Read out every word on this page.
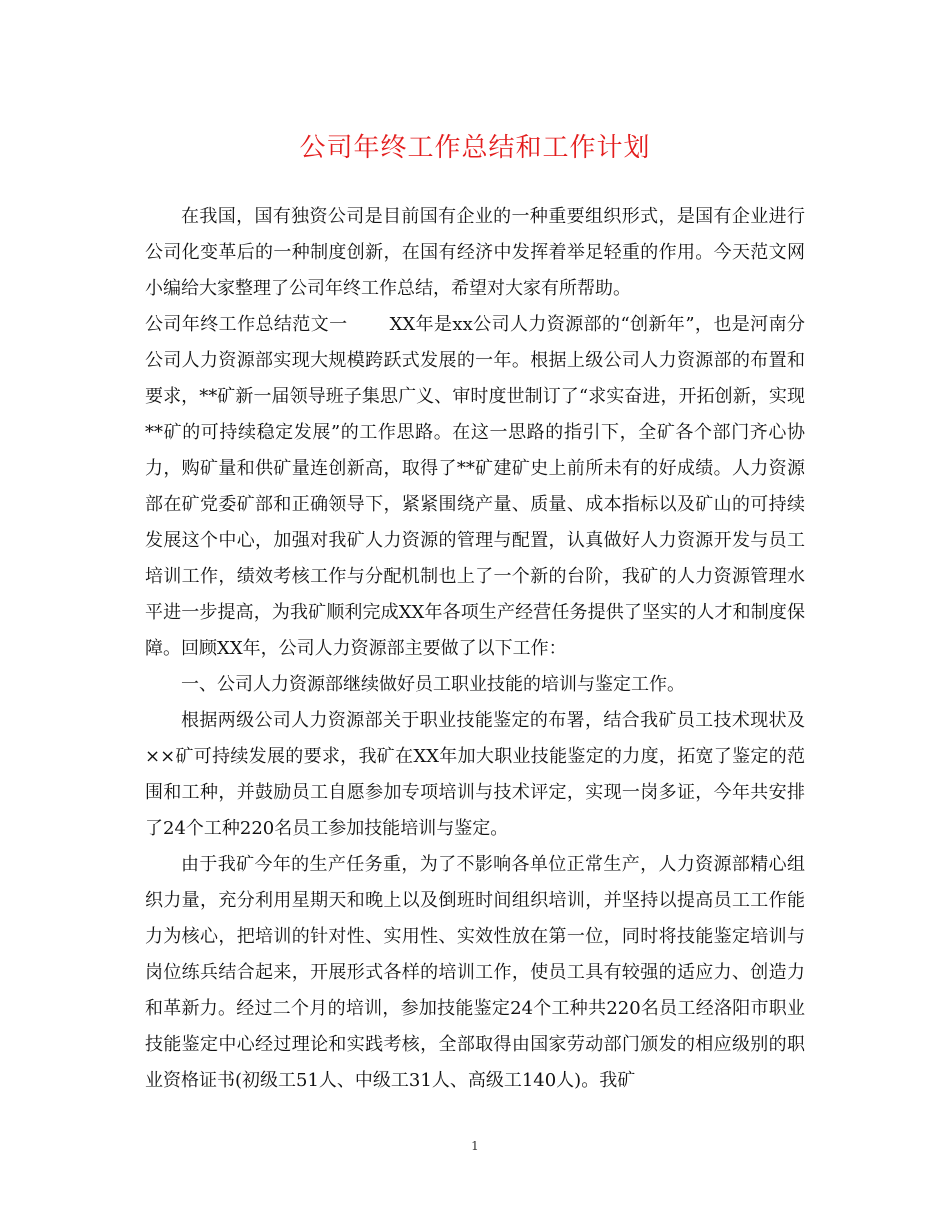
公司年终工作总结和工作计划

在我国，国有独资公司是目前国有企业的一种重要组织形式，是国有企业进行公司化变革后的一种制度创新，在国有经济中发挥着举足轻重的作用。今天范文网小编给大家整理了公司年终工作总结，希望对大家有所帮助。

公司年终工作总结范文一 XX年是xx公司人力资源部的“创新年”，也是河南分公司人力资源部实现大规模跨跃式发展的一年。根据上级公司人力资源部的布置和要求，**矿新一届领导班子集思广义、审时度世制订了“求实奋进，开拓创新，实现**矿的可持续稳定发展”的工作思路。在这一思路的指引下，全矿各个部门齐心协力，购矿量和供矿量连创新高，取得了**矿建矿史上前所未有的好成绩。人力资源部在矿党委矿部和正确领导下，紧紧围绕产量、质量、成本指标以及矿山的可持续发展这个中心，加强对我矿人力资源的管理与配置，认真做好人力资源开发与员工培训工作，绩效考核工作与分配机制也上了一个新的台阶，我矿的人力资源管理水平进一步提高，为我矿顺利完成XX年各项生产经营任务提供了坚实的人才和制度保障。回顾XX年，公司人力资源部主要做了以下工作：

一、公司人力资源部继续做好员工职业技能的培训与鉴定工作。

根据两级公司人力资源部关于职业技能鉴定的布署，结合我矿员工技术现状及××矿可持续发展的要求，我矿在XX年加大职业技能鉴定的力度，拓宽了鉴定的范围和工种，并鼓励员工自愿参加专项培训与技术评定，实现一岗多证，今年共安排了24个工种220名员工参加技能培训与鉴定。

由于我矿今年的生产任务重，为了不影响各单位正常生产，人力资源部精心组织力量，充分利用星期天和晚上以及倒班时间组织培训，并坚持以提高员工工作能力为核心，把培训的针对性、实用性、实效性放在第一位，同时将技能鉴定培训与岗位练兵结合起来，开展形式各样的培训工作，使员工具有较强的适应力、创造力和革新力。经过二个月的培训，参加技能鉴定24个工种共220名员工经洛阳市职业技能鉴定中心经过理论和实践考核，全部取得由国家劳动部门颁发的相应级别的职业资格证书(初级工51人、中级工31人、高级工140人)。我矿

1
